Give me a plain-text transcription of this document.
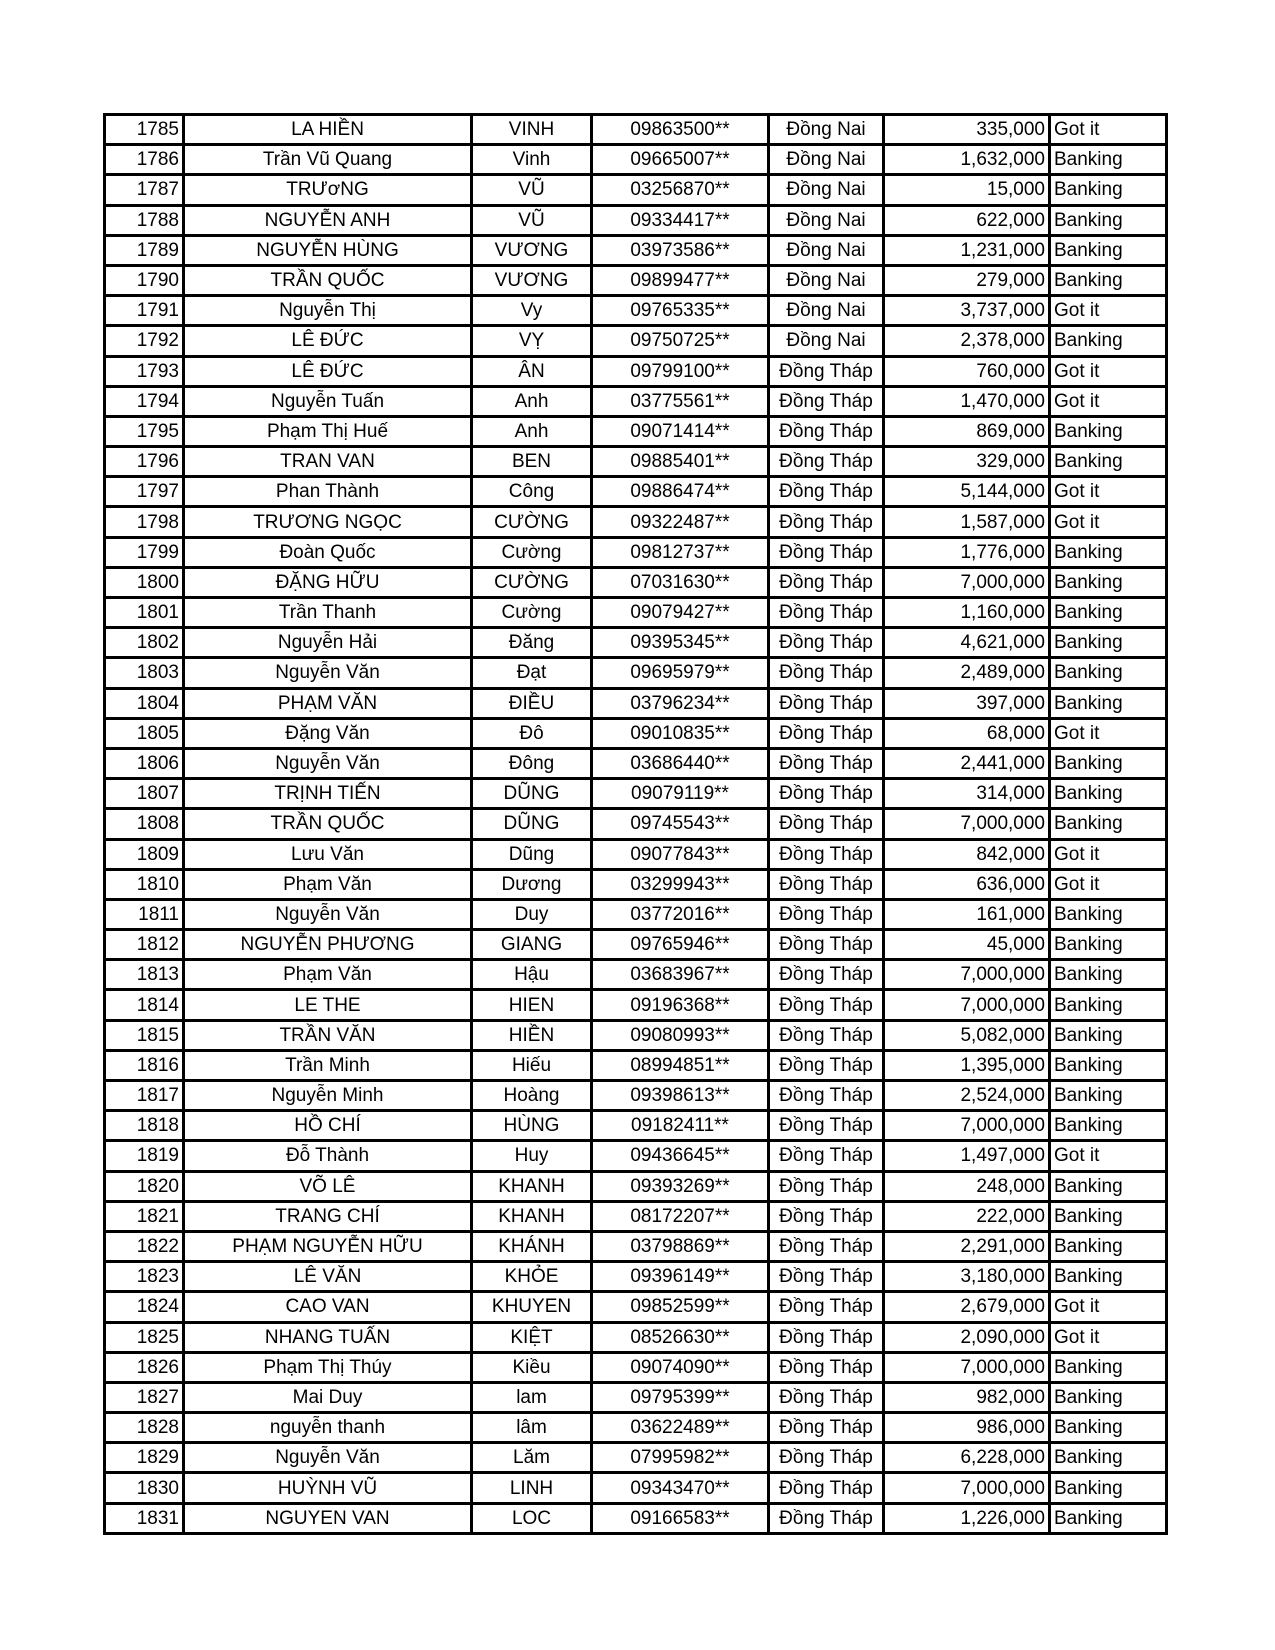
1785	LA HIỀN	VINH	09863500**	Đồng Nai	335,000	Got it
1786	Trần Vũ Quang	Vinh	09665007**	Đồng Nai	1,632,000	Banking
1787	TRƯơNG	VŨ	03256870**	Đồng Nai	15,000	Banking
1788	NGUYỄN ANH	VŨ	09334417**	Đồng Nai	622,000	Banking
1789	NGUYỄN HÙNG	VƯƠNG	03973586**	Đồng Nai	1,231,000	Banking
1790	TRẦN QUỐC	VƯƠNG	09899477**	Đồng Nai	279,000	Banking
1791	Nguyễn Thị	Vy	09765335**	Đồng Nai	3,737,000	Got it
1792	LÊ ĐỨC	VỴ	09750725**	Đồng Nai	2,378,000	Banking
1793	LÊ ĐỨC	ÂN	09799100**	Đồng Tháp	760,000	Got it
1794	Nguyễn Tuấn	Anh	03775561**	Đồng Tháp	1,470,000	Got it
1795	Phạm Thị Huế	Anh	09071414**	Đồng Tháp	869,000	Banking
1796	TRAN VAN	BEN	09885401**	Đồng Tháp	329,000	Banking
1797	Phan Thành	Công	09886474**	Đồng Tháp	5,144,000	Got it
1798	TRƯƠNG NGỌC	CƯỜNG	09322487**	Đồng Tháp	1,587,000	Got it
1799	Đoàn Quốc	Cường	09812737**	Đồng Tháp	1,776,000	Banking
1800	ĐẶNG HỮU	CƯỜNG	07031630**	Đồng Tháp	7,000,000	Banking
1801	Trần Thanh	Cường	09079427**	Đồng Tháp	1,160,000	Banking
1802	Nguyễn Hải	Đăng	09395345**	Đồng Tháp	4,621,000	Banking
1803	Nguyễn Văn	Đạt	09695979**	Đồng Tháp	2,489,000	Banking
1804	PHẠM VĂN	ĐIỀU	03796234**	Đồng Tháp	397,000	Banking
1805	Đặng Văn	Đô	09010835**	Đồng Tháp	68,000	Got it
1806	Nguyễn Văn	Đông	03686440**	Đồng Tháp	2,441,000	Banking
1807	TRỊNH TIẾN	DŨNG	09079119**	Đồng Tháp	314,000	Banking
1808	TRẦN QUỐC	DŨNG	09745543**	Đồng Tháp	7,000,000	Banking
1809	Lưu Văn	Dũng	09077843**	Đồng Tháp	842,000	Got it
1810	Phạm Văn	Dương	03299943**	Đồng Tháp	636,000	Got it
1811	Nguyễn Văn	Duy	03772016**	Đồng Tháp	161,000	Banking
1812	NGUYỄN PHƯƠNG	GIANG	09765946**	Đồng Tháp	45,000	Banking
1813	Phạm Văn	Hậu	03683967**	Đồng Tháp	7,000,000	Banking
1814	LE THE	HIEN	09196368**	Đồng Tháp	7,000,000	Banking
1815	TRẦN VĂN	HIỀN	09080993**	Đồng Tháp	5,082,000	Banking
1816	Trần Minh	Hiếu	08994851**	Đồng Tháp	1,395,000	Banking
1817	Nguyễn Minh	Hoàng	09398613**	Đồng Tháp	2,524,000	Banking
1818	HỒ CHÍ	HÙNG	09182411**	Đồng Tháp	7,000,000	Banking
1819	Đỗ Thành	Huy	09436645**	Đồng Tháp	1,497,000	Got it
1820	VÕ LÊ	KHANH	09393269**	Đồng Tháp	248,000	Banking
1821	TRANG CHÍ	KHANH	08172207**	Đồng Tháp	222,000	Banking
1822	PHẠM NGUYỄN HỮU	KHÁNH	03798869**	Đồng Tháp	2,291,000	Banking
1823	LÊ VĂN	KHỎE	09396149**	Đồng Tháp	3,180,000	Banking
1824	CAO VAN	KHUYEN	09852599**	Đồng Tháp	2,679,000	Got it
1825	NHANG TUẤN	KIỆT	08526630**	Đồng Tháp	2,090,000	Got it
1826	Phạm Thị Thúy	Kiều	09074090**	Đồng Tháp	7,000,000	Banking
1827	Mai Duy	lam	09795399**	Đồng Tháp	982,000	Banking
1828	nguyễn thanh	lâm	03622489**	Đồng Tháp	986,000	Banking
1829	Nguyễn Văn	Lăm	07995982**	Đồng Tháp	6,228,000	Banking
1830	HUỲNH VŨ	LINH	09343470**	Đồng Tháp	7,000,000	Banking
1831	NGUYEN VAN	LOC	09166583**	Đồng Tháp	1,226,000	Banking
